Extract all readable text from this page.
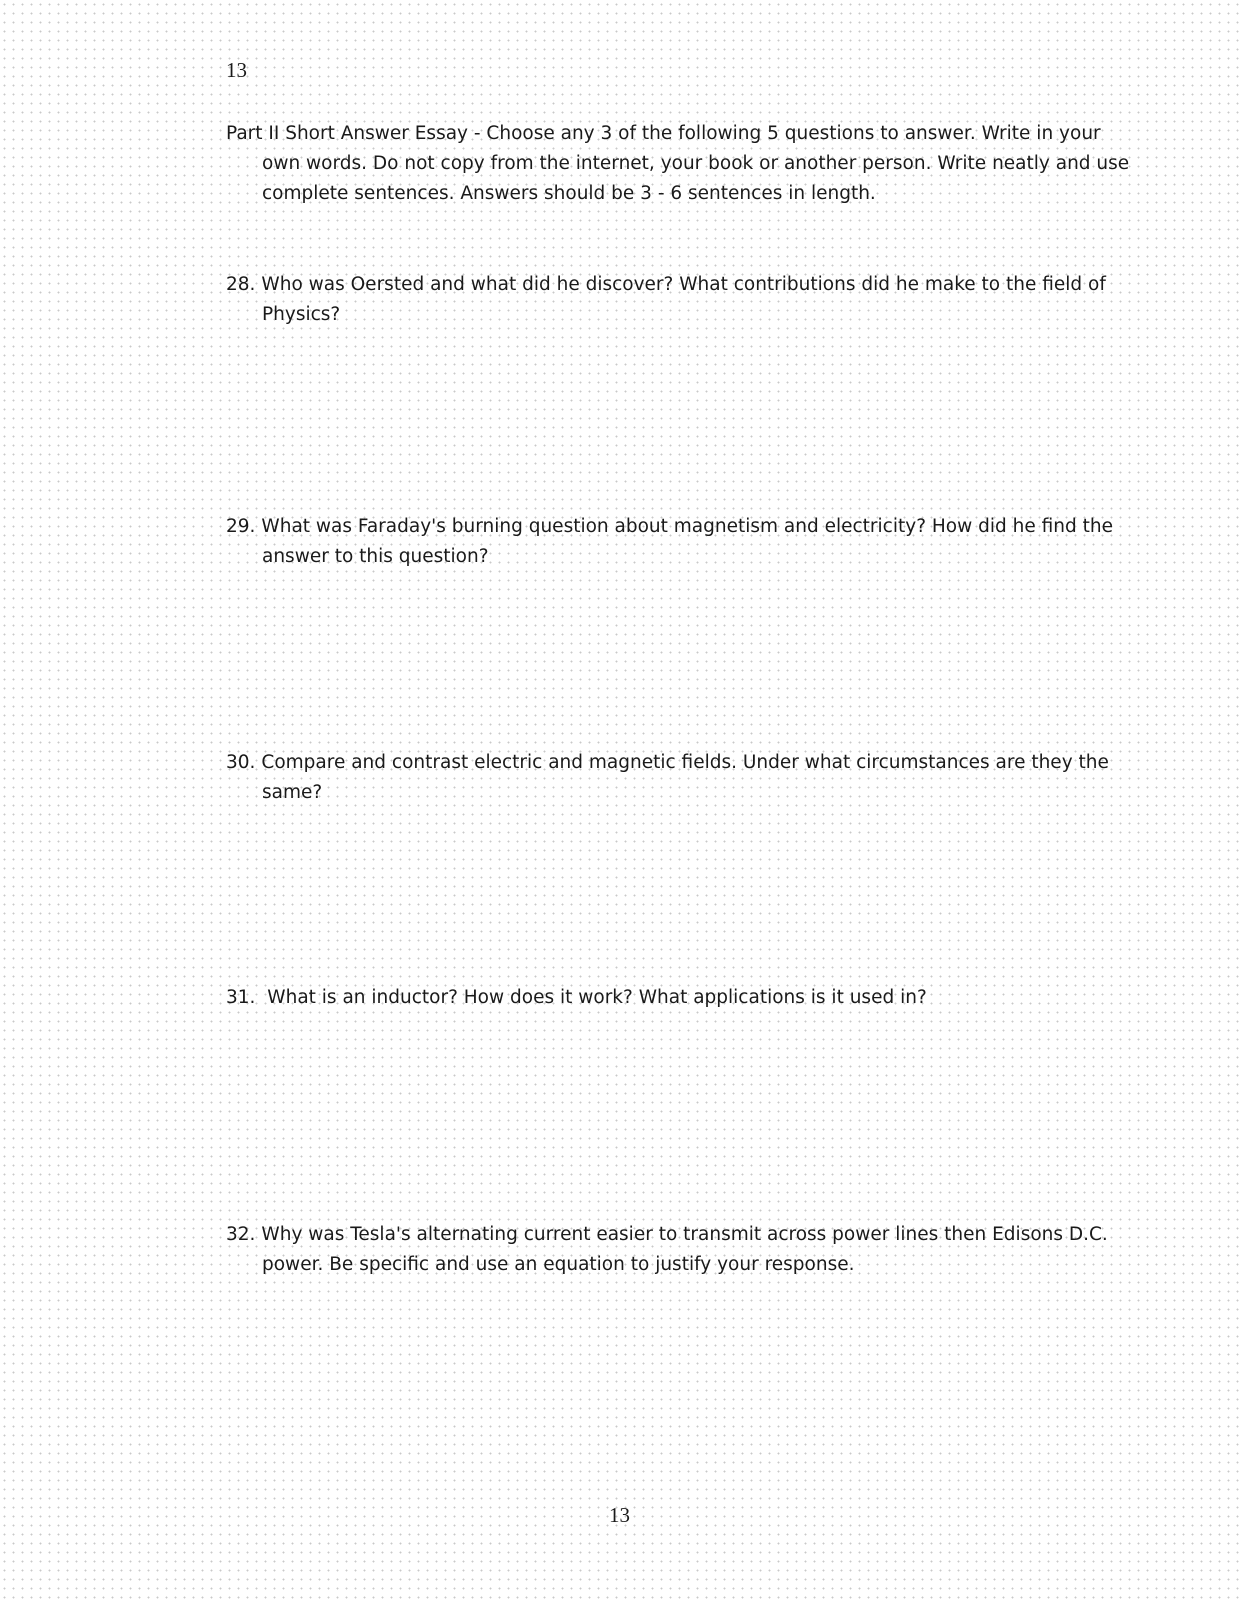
13

Part II Short Answer Essay - Choose any 3 of the following 5 questions to answer. Write in your own words. Do not copy from the internet, your book or another person. Write neatly and use complete sentences. Answers should be 3 - 6 sentences in length.

28. Who was Oersted and what did he discover? What contributions did he make to the field of Physics?

29. What was Faraday's burning question about magnetism and electricity? How did he find the answer to this question?

30. Compare and contrast electric and magnetic fields. Under what circumstances are they the same?

31. What is an inductor? How does it work? What applications is it used in?

32. Why was Tesla's alternating current easier to transmit across power lines then Edisons D.C. power. Be specific and use an equation to justify your response.

13
